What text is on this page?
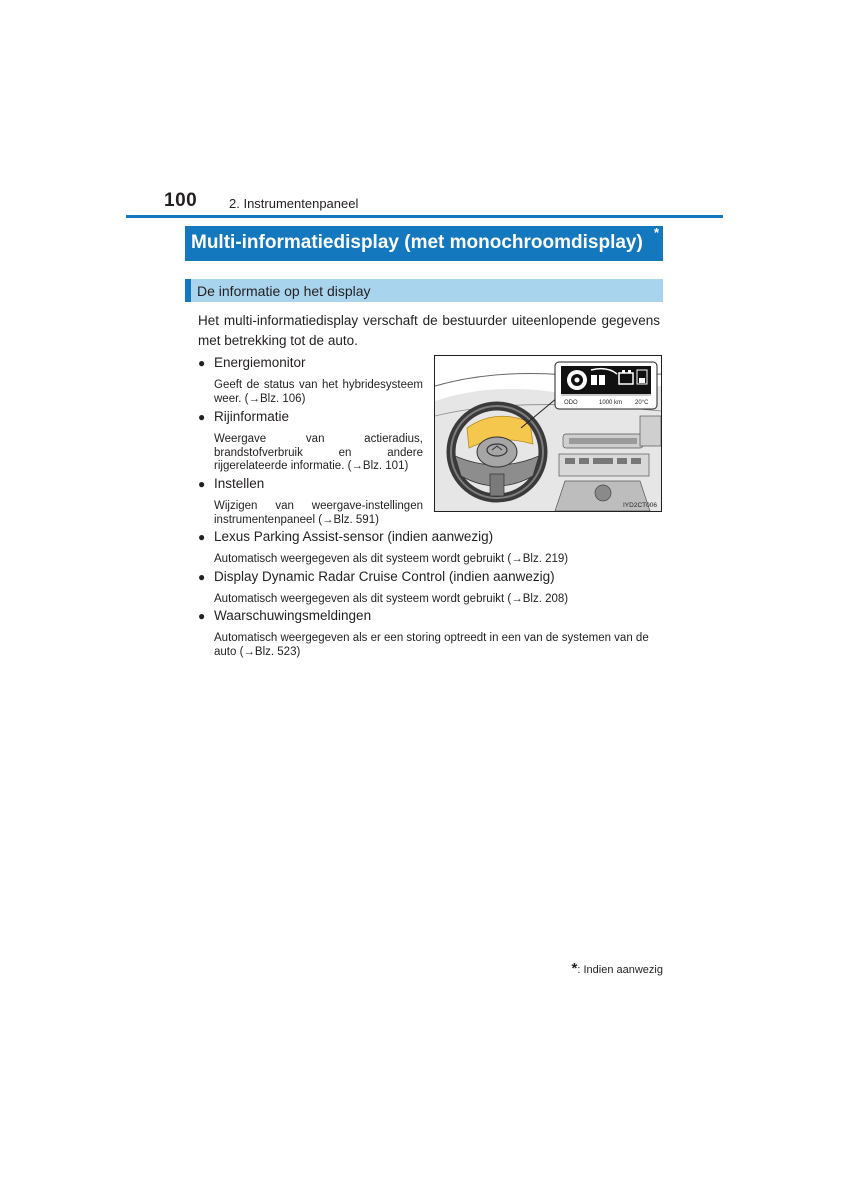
100 2. Instrumentenpaneel
Multi-informatiedisplay (met monochroomdisplay) *
De informatie op het display
Het multi-informatiedisplay verschaft de bestuurder uiteenlopende gegevens met betrekking tot de auto.
● Energiemonitor
Geeft de status van het hybridesysteem weer. (→Blz. 106)
● Rijinformatie
Weergave van actieradius, brandstofverbruik en andere rijgerelateerde informatie. (→Blz. 101)
● Instellen
Wijzigen van weergave-instellingen instrumentenpaneel (→Blz. 591)
● Lexus Parking Assist-sensor (indien aanwezig)
Automatisch weergegeven als dit systeem wordt gebruikt (→Blz. 219)
● Display Dynamic Radar Cruise Control (indien aanwezig)
Automatisch weergegeven als dit systeem wordt gebruikt (→Blz. 208)
● Waarschuwingsmeldingen
Automatisch weergegeven als er een storing optreedt in een van de systemen van de auto (→Blz. 523)
ODO	1000 km 20°C
IYD2CT006
*: Indien aanwezig
